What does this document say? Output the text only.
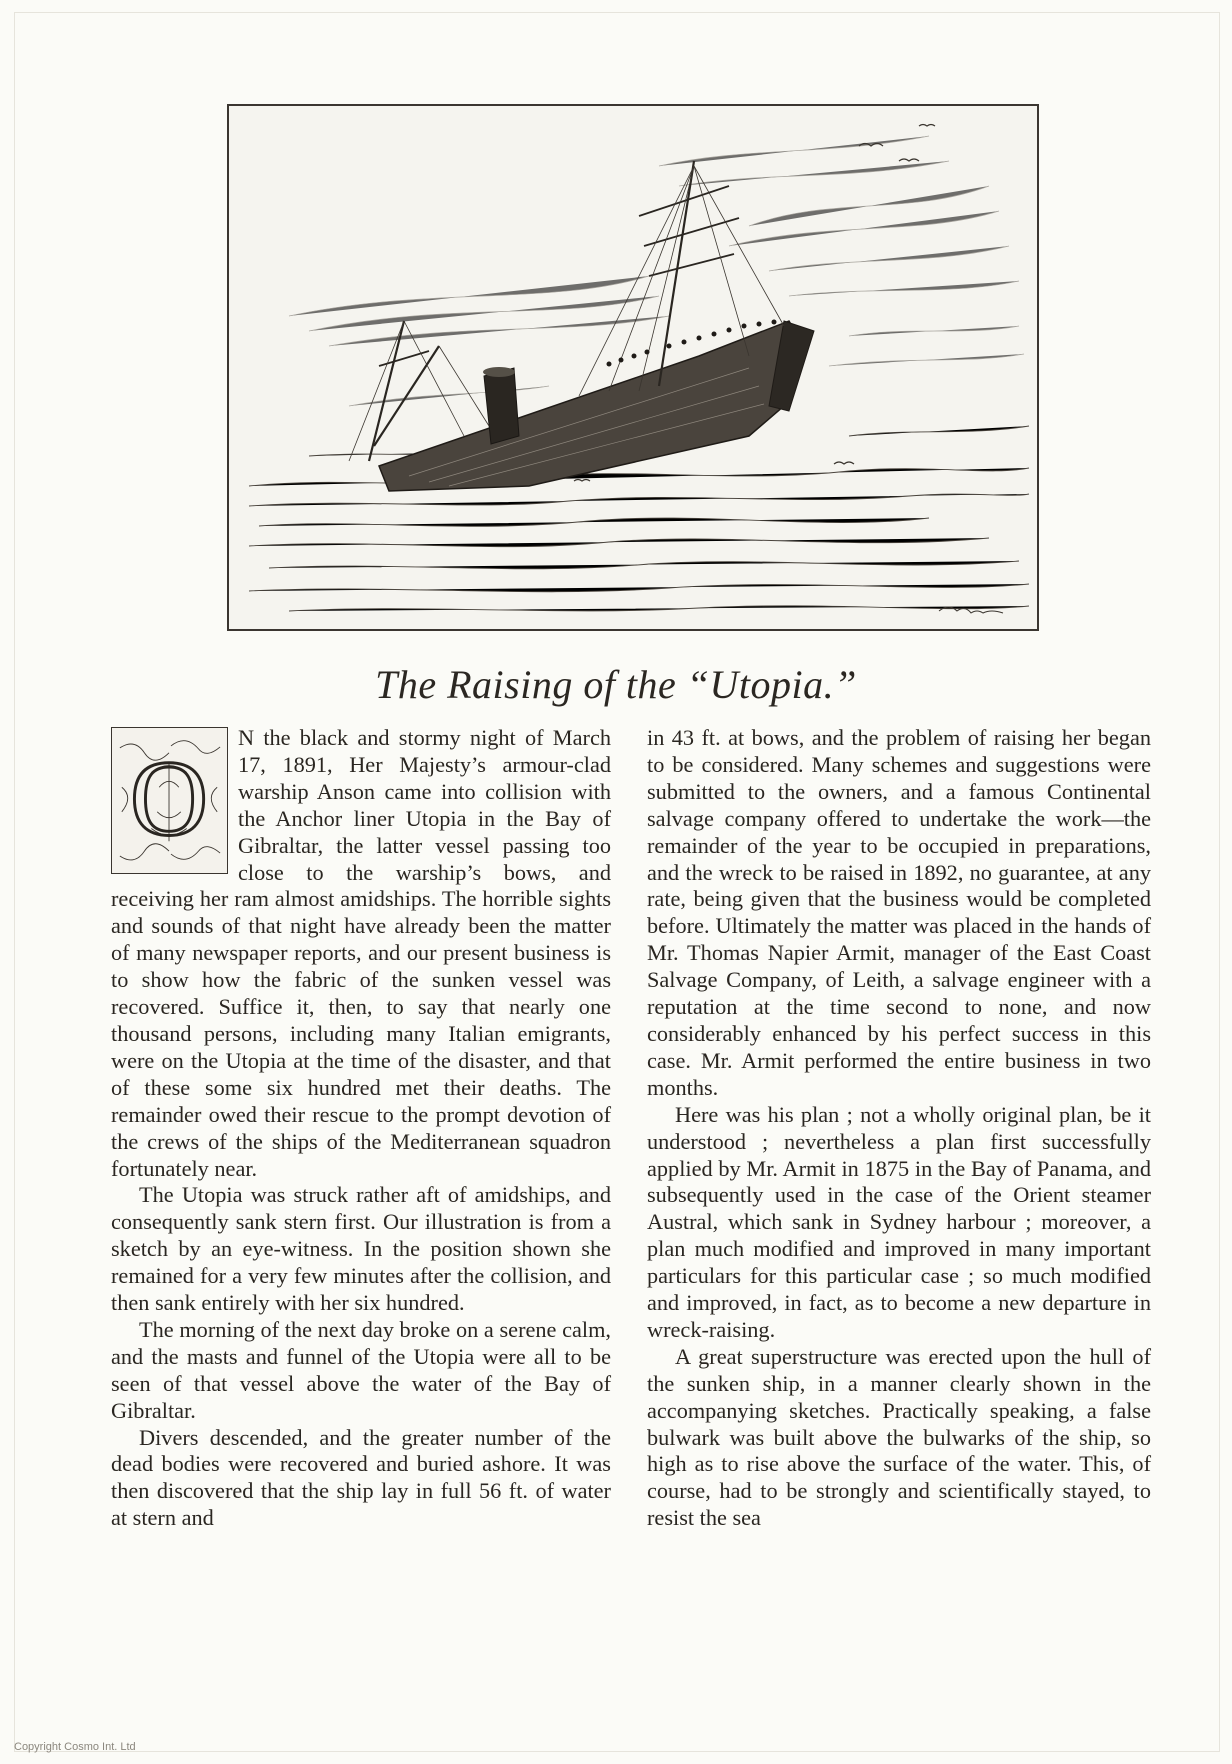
The Raising of the “Utopia.”
O

N the black and stormy night of March 17, 1891, Her Majesty’s armour-clad warship Anson came into collision with the Anchor liner Utopia in the Bay of Gibraltar, the latter vessel passing too close to the warship’s bows, and receiving her ram almost amidships. The horrible sights and sounds of that night have already been the matter of many newspaper reports, and our present business is to show how the fabric of the sunken vessel was recovered. Suffice it, then, to say that nearly one thousand persons, including many Italian emigrants, were on the Utopia at the time of the disaster, and that of these some six hundred met their deaths. The remainder owed their rescue to the prompt devotion of the crews of the ships of the Mediterranean squadron fortunately near.

The Utopia was struck rather aft of amidships, and consequently sank stern first. Our illustration is from a sketch by an eye-witness. In the position shown she remained for a very few minutes after the collision, and then sank entirely with her six hundred.

The morning of the next day broke on a serene calm, and the masts and funnel of the Utopia were all to be seen of that vessel above the water of the Bay of Gibraltar.

Divers descended, and the greater number of the dead bodies were recovered and buried ashore. It was then discovered that the ship lay in full 56 ft. of water at stern and

in 43 ft. at bows, and the problem of raising her began to be considered. Many schemes and suggestions were submitted to the owners, and a famous Continental salvage company offered to undertake the work—the remainder of the year to be occupied in preparations, and the wreck to be raised in 1892, no guarantee, at any rate, being given that the business would be completed before. Ultimately the matter was placed in the hands of Mr. Thomas Napier Armit, manager of the East Coast Salvage Company, of Leith, a salvage engineer with a reputation at the time second to none, and now considerably enhanced by his perfect success in this case. Mr. Armit performed the entire business in two months.

Here was his plan ; not a wholly original plan, be it understood ; nevertheless a plan first successfully applied by Mr. Armit in 1875 in the Bay of Panama, and subsequently used in the case of the Orient steamer Austral, which sank in Sydney harbour ; moreover, a plan much modified and improved in many important particulars for this particular case ; so much modified and improved, in fact, as to become a new departure in wreck-raising.

A great superstructure was erected upon the hull of the sunken ship, in a manner clearly shown in the accompanying sketches. Practically speaking, a false bulwark was built above the bulwarks of the ship, so high as to rise above the surface of the water. This, of course, had to be strongly and scientifically stayed, to resist the sea

Copyright Cosmo Int. Ltd
